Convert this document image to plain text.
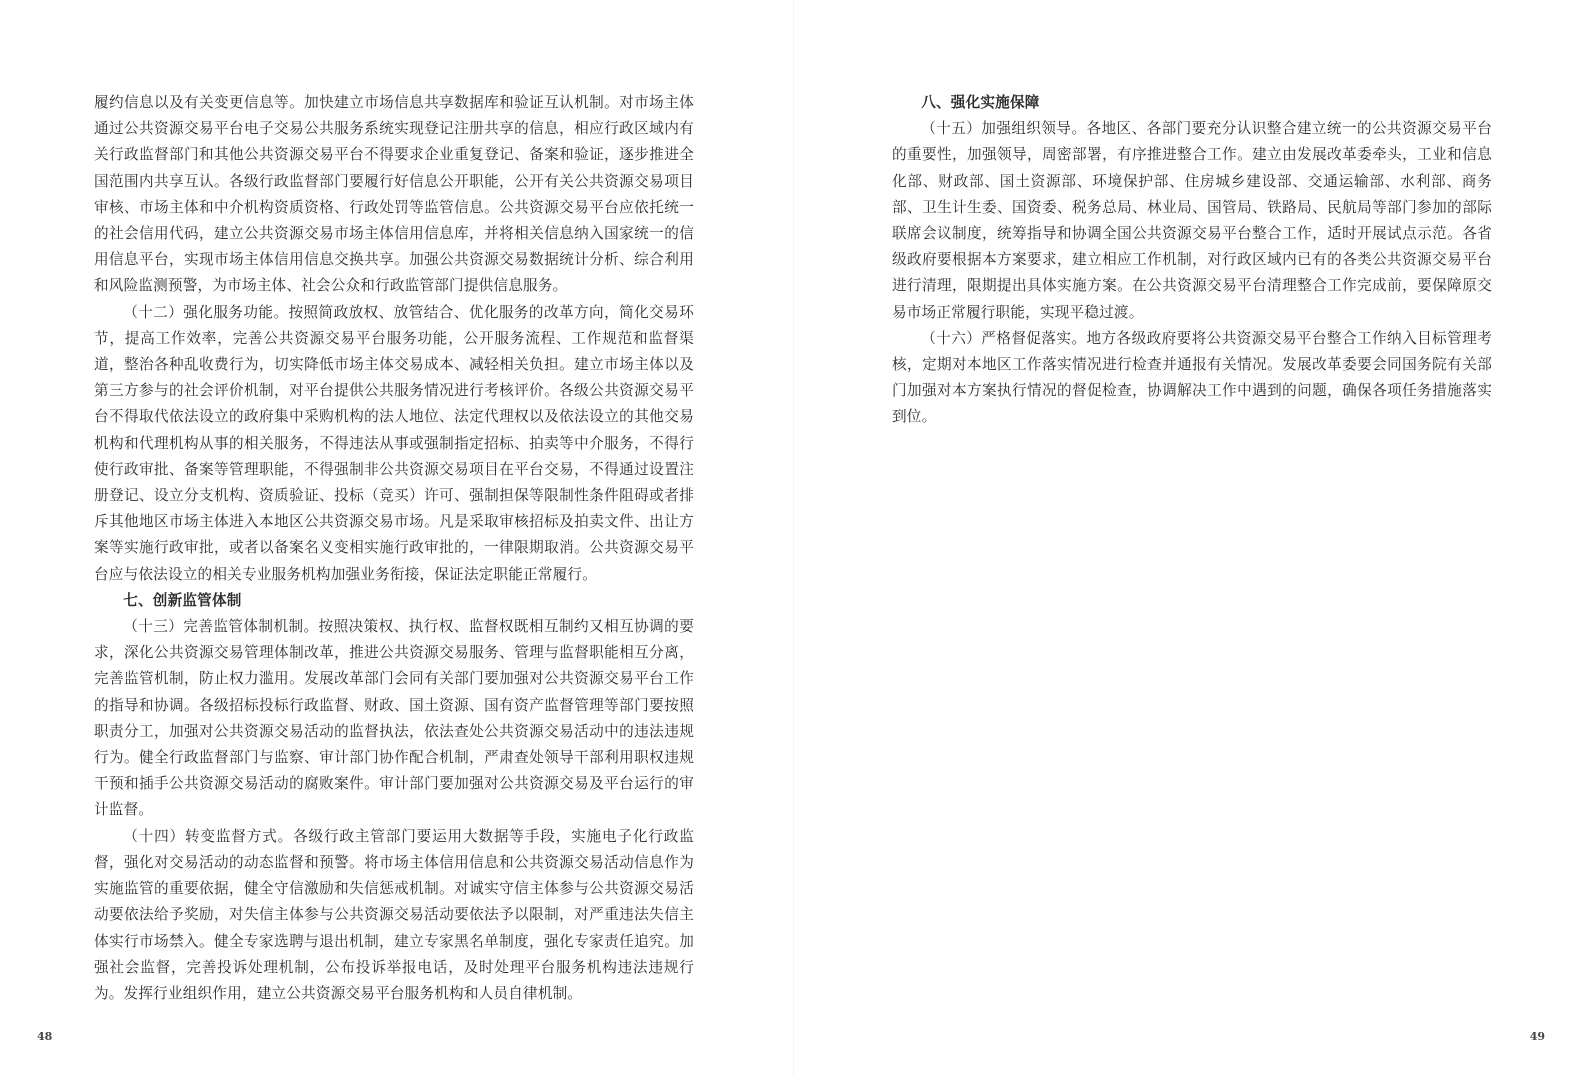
履约信息以及有关变更信息等。加快建立市场信息共享数据库和验证互认机制。对市场主体通过公共资源交易平台电子交易公共服务系统实现登记注册共享的信息，相应行政区域内有关行政监督部门和其他公共资源交易平台不得要求企业重复登记、备案和验证，逐步推进全国范围内共享互认。各级行政监督部门要履行好信息公开职能，公开有关公共资源交易项目审核、市场主体和中介机构资质资格、行政处罚等监管信息。公共资源交易平台应依托统一的社会信用代码，建立公共资源交易市场主体信用信息库，并将相关信息纳入国家统一的信用信息平台，实现市场主体信用信息交换共享。加强公共资源交易数据统计分析、综合利用和风险监测预警，为市场主体、社会公众和行政监管部门提供信息服务。

（十二）强化服务功能。按照简政放权、放管结合、优化服务的改革方向，简化交易环节，提高工作效率，完善公共资源交易平台服务功能，公开服务流程、工作规范和监督渠道，整治各种乱收费行为，切实降低市场主体交易成本、减轻相关负担。建立市场主体以及第三方参与的社会评价机制，对平台提供公共服务情况进行考核评价。各级公共资源交易平台不得取代依法设立的政府集中采购机构的法人地位、法定代理权以及依法设立的其他交易机构和代理机构从事的相关服务，不得违法从事或强制指定招标、拍卖等中介服务，不得行使行政审批、备案等管理职能，不得强制非公共资源交易项目在平台交易，不得通过设置注册登记、设立分支机构、资质验证、投标（竞买）许可、强制担保等限制性条件阻碍或者排斥其他地区市场主体进入本地区公共资源交易市场。凡是采取审核招标及拍卖文件、出让方案等实施行政审批，或者以备案名义变相实施行政审批的，一律限期取消。公共资源交易平台应与依法设立的相关专业服务机构加强业务衔接，保证法定职能正常履行。

七、创新监管体制

（十三）完善监管体制机制。按照决策权、执行权、监督权既相互制约又相互协调的要求，深化公共资源交易管理体制改革，推进公共资源交易服务、管理与监督职能相互分离，完善监管机制，防止权力滥用。发展改革部门会同有关部门要加强对公共资源交易平台工作的指导和协调。各级招标投标行政监督、财政、国土资源、国有资产监督管理等部门要按照职责分工，加强对公共资源交易活动的监督执法，依法查处公共资源交易活动中的违法违规行为。健全行政监督部门与监察、审计部门协作配合机制，严肃查处领导干部利用职权违规干预和插手公共资源交易活动的腐败案件。审计部门要加强对公共资源交易及平台运行的审计监督。

（十四）转变监督方式。各级行政主管部门要运用大数据等手段，实施电子化行政监督，强化对交易活动的动态监督和预警。将市场主体信用信息和公共资源交易活动信息作为实施监管的重要依据，健全守信激励和失信惩戒机制。对诚实守信主体参与公共资源交易活动要依法给予奖励，对失信主体参与公共资源交易活动要依法予以限制，对严重违法失信主体实行市场禁入。健全专家选聘与退出机制，建立专家黑名单制度，强化专家责任追究。加强社会监督，完善投诉处理机制，公布投诉举报电话，及时处理平台服务机构违法违规行为。发挥行业组织作用，建立公共资源交易平台服务机构和人员自律机制。

48
八、强化实施保障

（十五）加强组织领导。各地区、各部门要充分认识整合建立统一的公共资源交易平台的重要性，加强领导，周密部署，有序推进整合工作。建立由发展改革委牵头，工业和信息化部、财政部、国土资源部、环境保护部、住房城乡建设部、交通运输部、水利部、商务部、卫生计生委、国资委、税务总局、林业局、国管局、铁路局、民航局等部门参加的部际联席会议制度，统筹指导和协调全国公共资源交易平台整合工作，适时开展试点示范。各省级政府要根据本方案要求，建立相应工作机制，对行政区域内已有的各类公共资源交易平台进行清理，限期提出具体实施方案。在公共资源交易平台清理整合工作完成前，要保障原交易市场正常履行职能，实现平稳过渡。

（十六）严格督促落实。地方各级政府要将公共资源交易平台整合工作纳入目标管理考核，定期对本地区工作落实情况进行检查并通报有关情况。发展改革委要会同国务院有关部门加强对本方案执行情况的督促检查，协调解决工作中遇到的问题，确保各项任务措施落实到位。

49
